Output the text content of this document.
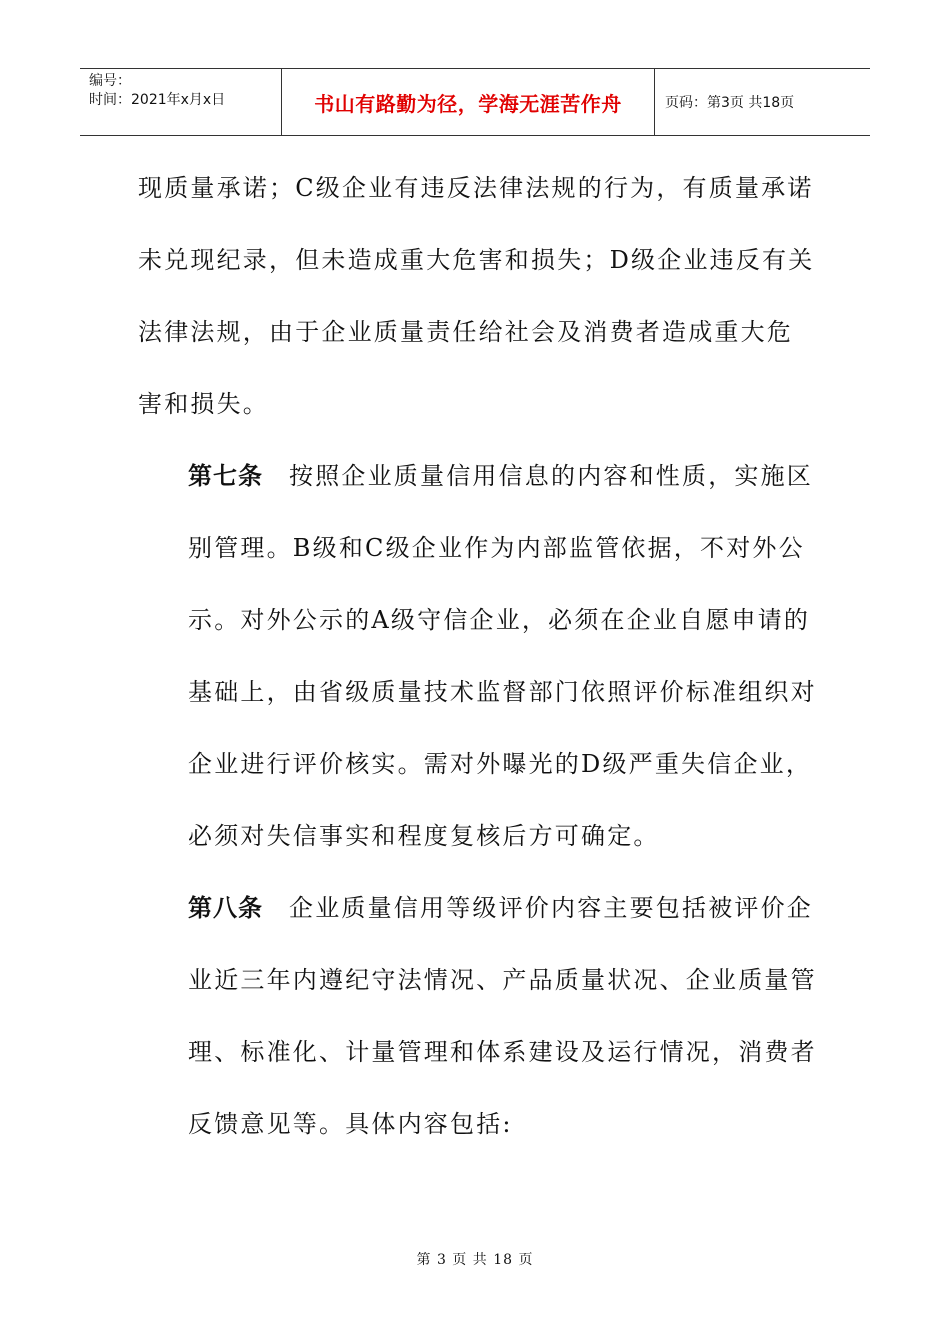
编号：
时间：2021年x月x日	书山有路勤为径，学海无涯苦作舟	页码：第3页 共18页

现质量承诺；C级企业有违反法律法规的行为，有质量承诺未兑现纪录，但未造成重大危害和损失；D级企业违反有关法律法规，由于企业质量责任给社会及消费者造成重大危害和损失。

第七条 按照企业质量信用信息的内容和性质，实施区别管理。B级和C级企业作为内部监管依据，不对外公示。对外公示的A级守信企业，必须在企业自愿申请的基础上，由省级质量技术监督部门依照评价标准组织对企业进行评价核实。需对外曝光的D级严重失信企业，必须对失信事实和程度复核后方可确定。

第八条 企业质量信用等级评价内容主要包括被评价企业近三年内遵纪守法情况、产品质量状况、企业质量管理、标准化、计量管理和体系建设及运行情况，消费者反馈意见等。具体内容包括:

第 3 页 共 18 页
